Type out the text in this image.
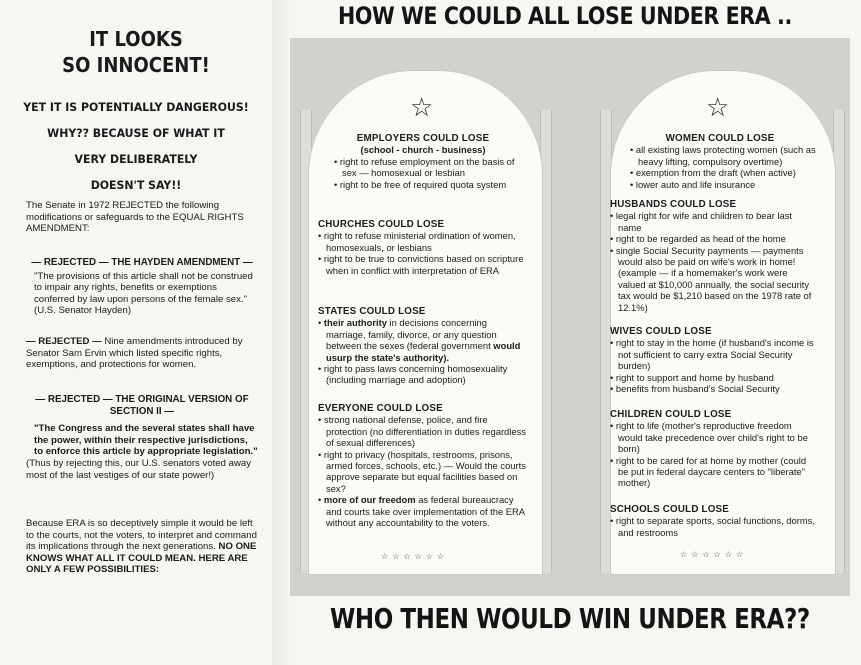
IT LOOKS
SO INNOCENT!
YET IT IS POTENTIALLY DANGEROUS!
WHY?? BECAUSE OF WHAT IT
VERY DELIBERATELY
DOESN'T SAY!!

The Senate in 1972 REJECTED the following modifications or safeguards to the EQUAL RIGHTS AMENDMENT:

— REJECTED — THE HAYDEN AMENDMENT —

"The provisions of this article shall not be construed to impair any rights, benefits or exemptions conferred by law upon persons of the female sex." (U.S. Senator Hayden)

— REJECTED — Nine amendments introduced by Senator Sam Ervin which listed specific rights, exemptions, and protections for women.

— REJECTED — THE ORIGINAL VERSION OF SECTION II —

"The Congress and the several states shall have the power, within their respective jurisdictions, to enforce this article by appropriate legislation."

(Thus by rejecting this, our U.S. senators voted away most of the last vestiges of our state power!)

Because ERA is so deceptively simple it would be left to the courts, not the voters, to interpret and command its implications through the next generations. NO ONE KNOWS WHAT ALL IT COULD MEAN. HERE ARE ONLY A FEW POSSIBILITIES:

HOW WE COULD ALL LOSE UNDER ERA ..
WHO THEN WOULD WIN UNDER ERA??
☆	☆

EMPLOYERS COULD LOSE

(school - church - business)

• right to refuse employment on the basis of sex — homosexual or lesbian
• right to be free of required quota system

CHURCHES COULD LOSE

• right to refuse ministerial ordination of women, homosexuals, or lesbians
• right to be true to convictions based on scripture when in conflict with interpretation of ERA

STATES COULD LOSE

• their authority in decisions concerning marriage, family, divorce, or any question between the sexes (federal government would usurp the state's authority).
• right to pass laws concerning homosexuality (including marriage and adoption)

EVERYONE COULD LOSE

• strong national defense, police, and fire protection (no differentiation in duties regardless of sexual differences)
• right to privacy (hospitals, restrooms, prisons, armed forces, schools, etc.) — Would the courts approve separate but equal facilities based on sex?
• more of our freedom as federal bureaucracy and courts take over implementation of the ERA without any accountability to the voters.
☆☆☆☆☆☆

WOMEN COULD LOSE

• all existing laws protecting women (such as heavy lifting, compulsory overtime)
• exemption from the draft (when active)
• lower auto and life insurance

HUSBANDS COULD LOSE

• legal right for wife and children to bear last name
• right to be regarded as head of the home
• single Social Security payments — payments would also be paid on wife's work in home! (example — if a homemaker's work were valued at $10,000 annually, the social security tax would be $1,210 based on the 1978 rate of 12.1%)

WIVES COULD LOSE

• right to stay in the home (if husband's income is not sufficient to carry extra Social Security burden)
• right to support and home by husband
• benefits from husband's Social Security

CHILDREN COULD LOSE

• right to life (mother's reproductive freedom would take precedence over child's right to be born)
• right to be cared for at home by mother (could be put in federal daycare centers to "liberate" mother)

SCHOOLS COULD LOSE

• right to separate sports, social functions, dorms, and restrooms
☆☆☆☆☆☆
